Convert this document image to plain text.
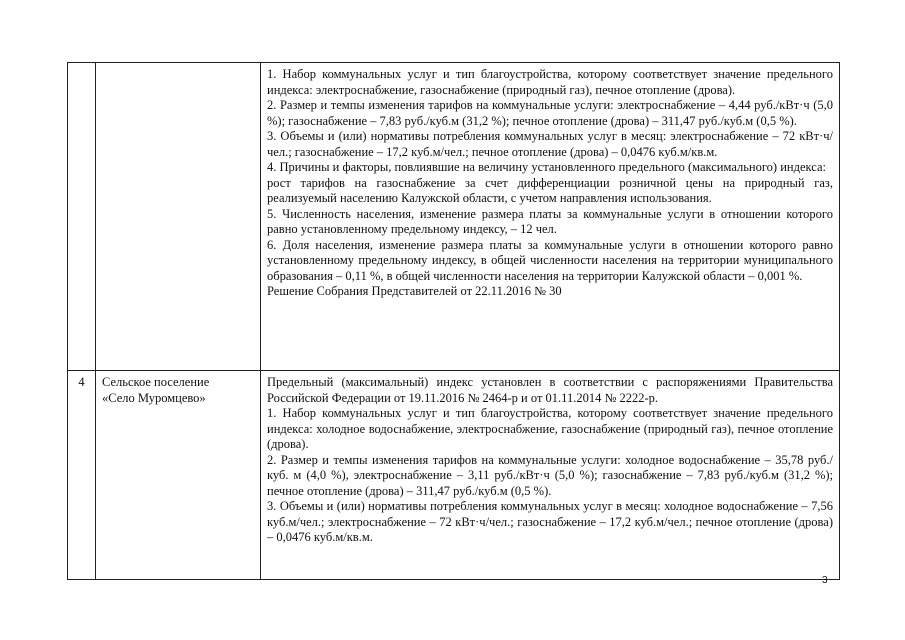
1. Набор коммунальных услуг и тип благоустройства, которому соответствует значение предельного индекса: электроснабжение, газоснабжение (природный газ), печное отопление (дрова).

2. Размер и темпы изменения тарифов на коммунальные услуги: электроснабжение – 4,44 руб./кВт·ч (5,0 %); газоснабжение – 7,83 руб./куб.м (31,2 %); печное отопление (дрова) – 311,47 руб./куб.м (0,5 %).

3. Объемы и (или) нормативы потребления коммунальных услуг в месяц: электроснабжение – 72 кВт·ч/чел.; газоснабжение – 17,2 куб.м/чел.; печное отопление (дрова) – 0,0476 куб.м/кв.м.

4. Причины и факторы, повлиявшие на величину установленного предельного (максимального) индекса:

рост тарифов на газоснабжение за счет дифференциации розничной цены на природный газ, реализуемый населению Калужской области, с учетом направления использования.

5. Численность населения, изменение размера платы за коммунальные услуги в отношении которого равно установленному предельному индексу, – 12 чел.

6. Доля населения, изменение размера платы за коммунальные услуги в отношении которого равно установленному предельному индексу, в общей численности населения на территории муниципального образования – 0,11 %, в общей численности населения на территории Калужской области – 0,001 %.

Решение Собрания Представителей от 22.11.2016 № 30

4	Сельское поселение
«Село Муромцево»

Предельный (максимальный) индекс установлен в соответствии с распоряжениями Правительства Российской Федерации от 19.11.2016 № 2464-р и от 01.11.2014 № 2222-р.

1. Набор коммунальных услуг и тип благоустройства, которому соответствует значение предельного индекса: холодное водоснабжение, электроснабжение, газоснабжение (природный газ), печное отопление (дрова).

2. Размер и темпы изменения тарифов на коммунальные услуги: холодное водоснабжение – 35,78 руб./куб. м (4,0 %), электроснабжение – 3,11 руб./кВт·ч (5,0 %); газоснабжение – 7,83 руб./куб.м (31,2 %); печное отопление (дрова) – 311,47 руб./куб.м (0,5 %).

3. Объемы и (или) нормативы потребления коммунальных услуг в месяц: холодное водоснабжение – 7,56 куб.м/чел.; электроснабжение – 72 кВт·ч/чел.; газоснабжение – 17,2 куб.м/чел.; печное отопление (дрова) – 0,0476 куб.м/кв.м.

3
